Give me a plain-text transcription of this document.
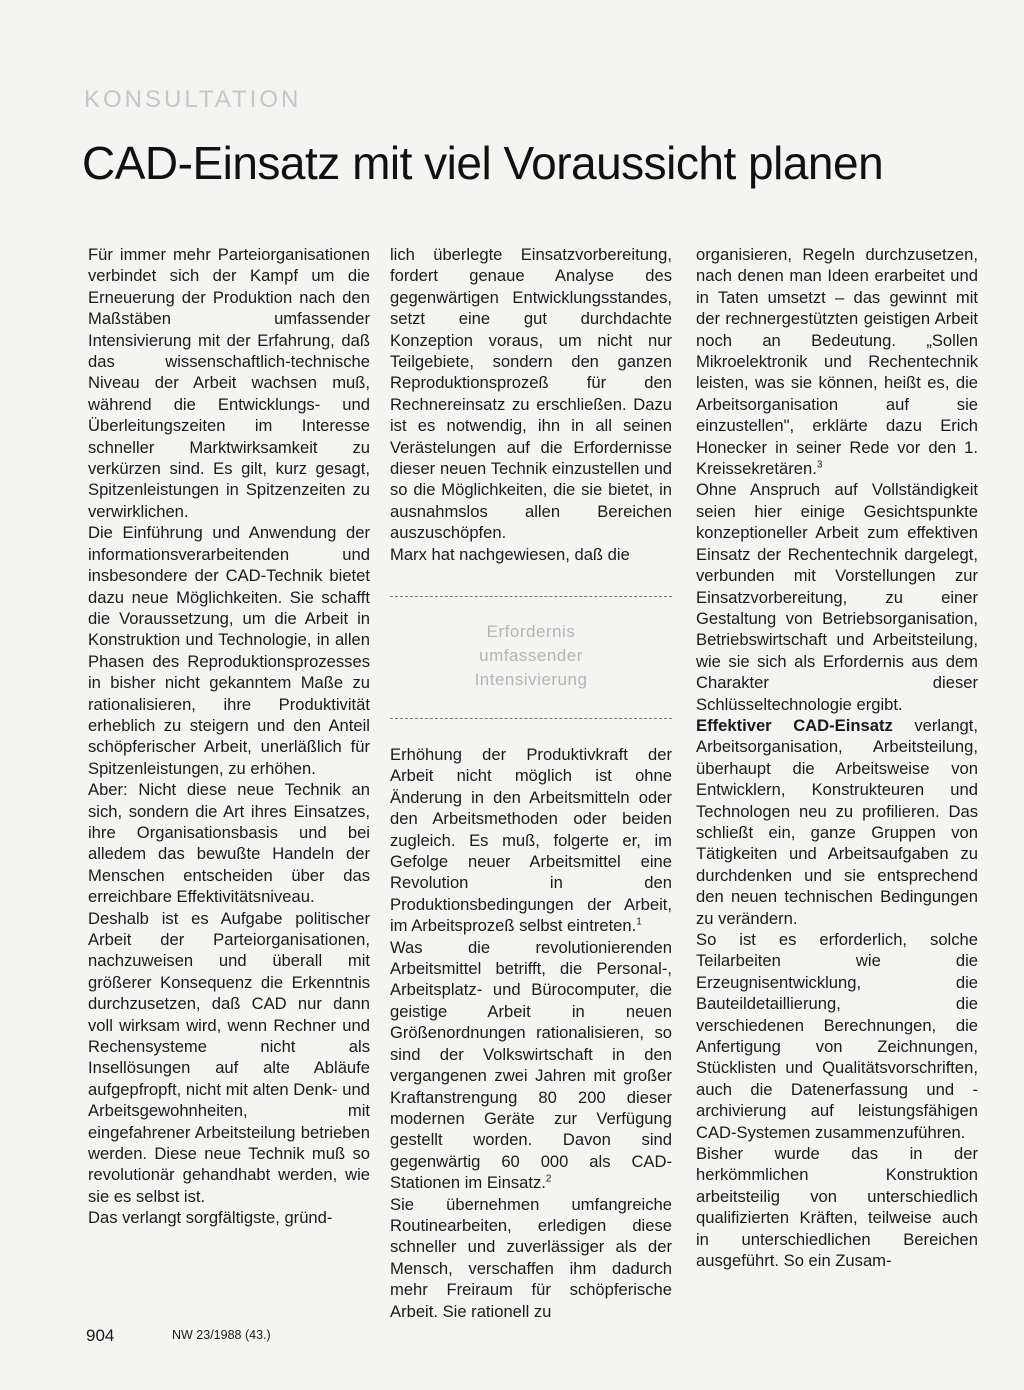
KONSULTATION
CAD-Einsatz mit viel Voraussicht planen

Für immer mehr Parteiorganisationen verbindet sich der Kampf um die Erneuerung der Produktion nach den Maßstäben umfassender Intensivierung mit der Erfahrung, daß das wissenschaftlich-technische Niveau der Arbeit wachsen muß, während die Entwicklungs- und Überleitungszeiten im Interesse schneller Marktwirksamkeit zu verkürzen sind. Es gilt, kurz gesagt, Spitzenleistungen in Spitzenzeiten zu verwirklichen.

Die Einführung und Anwendung der informationsverarbeitenden und insbesondere der CAD-Technik bietet dazu neue Möglichkeiten. Sie schafft die Voraussetzung, um die Arbeit in Konstruktion und Technologie, in allen Phasen des Reproduktionsprozesses in bisher nicht gekanntem Maße zu rationalisieren, ihre Produktivität erheblich zu steigern und den Anteil schöpferischer Arbeit, unerläßlich für Spitzenleistungen, zu erhöhen.

Aber: Nicht diese neue Technik an sich, sondern die Art ihres Einsatzes, ihre Organisationsbasis und bei alledem das bewußte Handeln der Menschen entscheiden über das erreichbare Effektivitätsniveau.

Deshalb ist es Aufgabe politischer Arbeit der Parteiorganisationen, nachzuweisen und überall mit größerer Konsequenz die Erkenntnis durchzusetzen, daß CAD nur dann voll wirksam wird, wenn Rechner und Rechensysteme nicht als Insellösungen auf alte Abläufe aufgepfropft, nicht mit alten Denk- und Arbeitsgewohnheiten, mit eingefahrener Arbeitsteilung betrieben werden. Diese neue Technik muß so revolutionär gehandhabt werden, wie sie es selbst ist.

Das verlangt sorgfältigste, gründ-

lich überlegte Einsatzvorbereitung, fordert genaue Analyse des gegenwärtigen Entwicklungsstandes, setzt eine gut durchdachte Konzeption voraus, um nicht nur Teilgebiete, sondern den ganzen Reproduktionsprozeß für den Rechnereinsatz zu erschließen. Dazu ist es notwendig, ihn in all seinen Verästelungen auf die Erfordernisse dieser neuen Technik einzustellen und so die Möglichkeiten, die sie bietet, in ausnahmslos allen Bereichen auszuschöpfen.

Marx hat nachgewiesen, daß die

Erfordernis
umfassender
Intensivierung

Erhöhung der Produktivkraft der Arbeit nicht möglich ist ohne Änderung in den Arbeitsmitteln oder den Arbeitsmethoden oder beiden zugleich. Es muß, folgerte er, im Gefolge neuer Arbeitsmittel eine Revolution in den Produktionsbedingungen der Arbeit, im Arbeitsprozeß selbst eintreten.$^1$

Was die revolutionierenden Arbeitsmittel betrifft, die Personal-, Arbeitsplatz- und Bürocomputer, die geistige Arbeit in neuen Größenordnungen rationalisieren, so sind der Volkswirtschaft in den vergangenen zwei Jahren mit großer Kraftanstrengung 80 200 dieser modernen Geräte zur Verfügung gestellt worden. Davon sind gegenwärtig 60 000 als CAD-Stationen im Einsatz.$^2$

Sie übernehmen umfangreiche Routinearbeiten, erledigen diese schneller und zuverlässiger als der Mensch, verschaffen ihm dadurch mehr Freiraum für schöpferische Arbeit. Sie rationell zu

organisieren, Regeln durchzusetzen, nach denen man Ideen erarbeitet und in Taten umsetzt – das gewinnt mit der rechnergestützten geistigen Arbeit noch an Bedeutung. „Sollen Mikroelektronik und Rechentechnik leisten, was sie können, heißt es, die Arbeitsorganisation auf sie einzustellen", erklärte dazu Erich Honecker in seiner Rede vor den 1. Kreissekretären.$^3$

Ohne Anspruch auf Vollständigkeit seien hier einige Gesichtspunkte konzeptioneller Arbeit zum effektiven Einsatz der Rechentechnik dargelegt, verbunden mit Vorstellungen zur Einsatzvorbereitung, zu einer Gestaltung von Betriebsorganisation, Betriebswirtschaft und Arbeitsteilung, wie sie sich als Erfordernis aus dem Charakter dieser Schlüsseltechnologie ergibt.

Effektiver CAD-Einsatz verlangt, Arbeitsorganisation, Arbeitsteilung, überhaupt die Arbeitsweise von Entwicklern, Konstrukteuren und Technologen neu zu profilieren. Das schließt ein, ganze Gruppen von Tätigkeiten und Arbeitsaufgaben zu durchdenken und sie entsprechend den neuen technischen Bedingungen zu verändern.

So ist es erforderlich, solche Teilarbeiten wie die Erzeugnisentwicklung, die Bauteildetaillierung, die verschiedenen Berechnungen, die Anfertigung von Zeichnungen, Stücklisten und Qualitätsvorschriften, auch die Datenerfassung und -archivierung auf leistungsfähigen CAD-Systemen zusammenzuführen.

Bisher wurde das in der herkömmlichen Konstruktion arbeitsteilig von unterschiedlich qualifizierten Kräften, teilweise auch in unterschiedlichen Bereichen ausgeführt. So ein Zusam-

904	NW 23/1988 (43.)
